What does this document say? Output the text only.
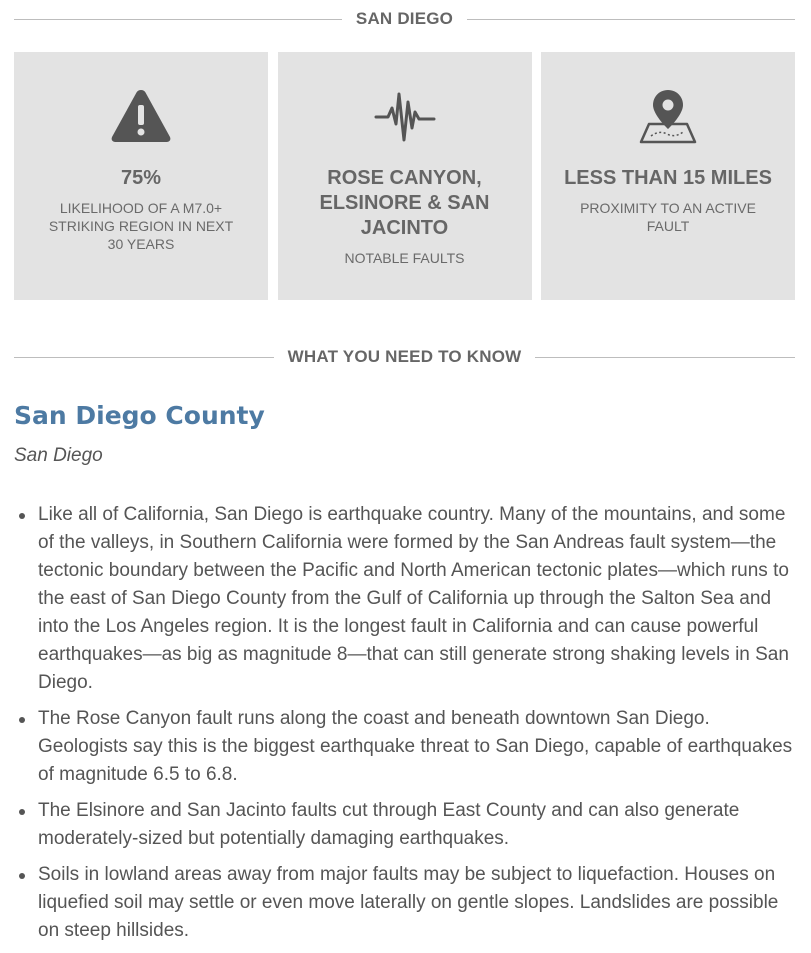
SAN DIEGO
75%
LIKELIHOOD OF A M7.0+ STRIKING REGION IN NEXT 30 YEARS
ROSE CANYON, ELSINORE & SAN JACINTO
NOTABLE FAULTS
LESS THAN 15 MILES
PROXIMITY TO AN ACTIVE FAULT
WHAT YOU NEED TO KNOW
San Diego County
San Diego
Like all of California, San Diego is earthquake country. Many of the mountains, and some of the valleys, in Southern California were formed by the San Andreas fault system—the tectonic boundary between the Pacific and North American tectonic plates—which runs to the east of San Diego County from the Gulf of California up through the Salton Sea and into the Los Angeles region. It is the longest fault in California and can cause powerful earthquakes—as big as magnitude 8—that can still generate strong shaking levels in San Diego.
The Rose Canyon fault runs along the coast and beneath downtown San Diego. Geologists say this is the biggest earthquake threat to San Diego, capable of earthquakes of magnitude 6.5 to 6.8.
The Elsinore and San Jacinto faults cut through East County and can also generate moderately-sized but potentially damaging earthquakes.
Soils in lowland areas away from major faults may be subject to liquefaction. Houses on liquefied soil may settle or even move laterally on gentle slopes. Landslides are possible on steep hillsides.
